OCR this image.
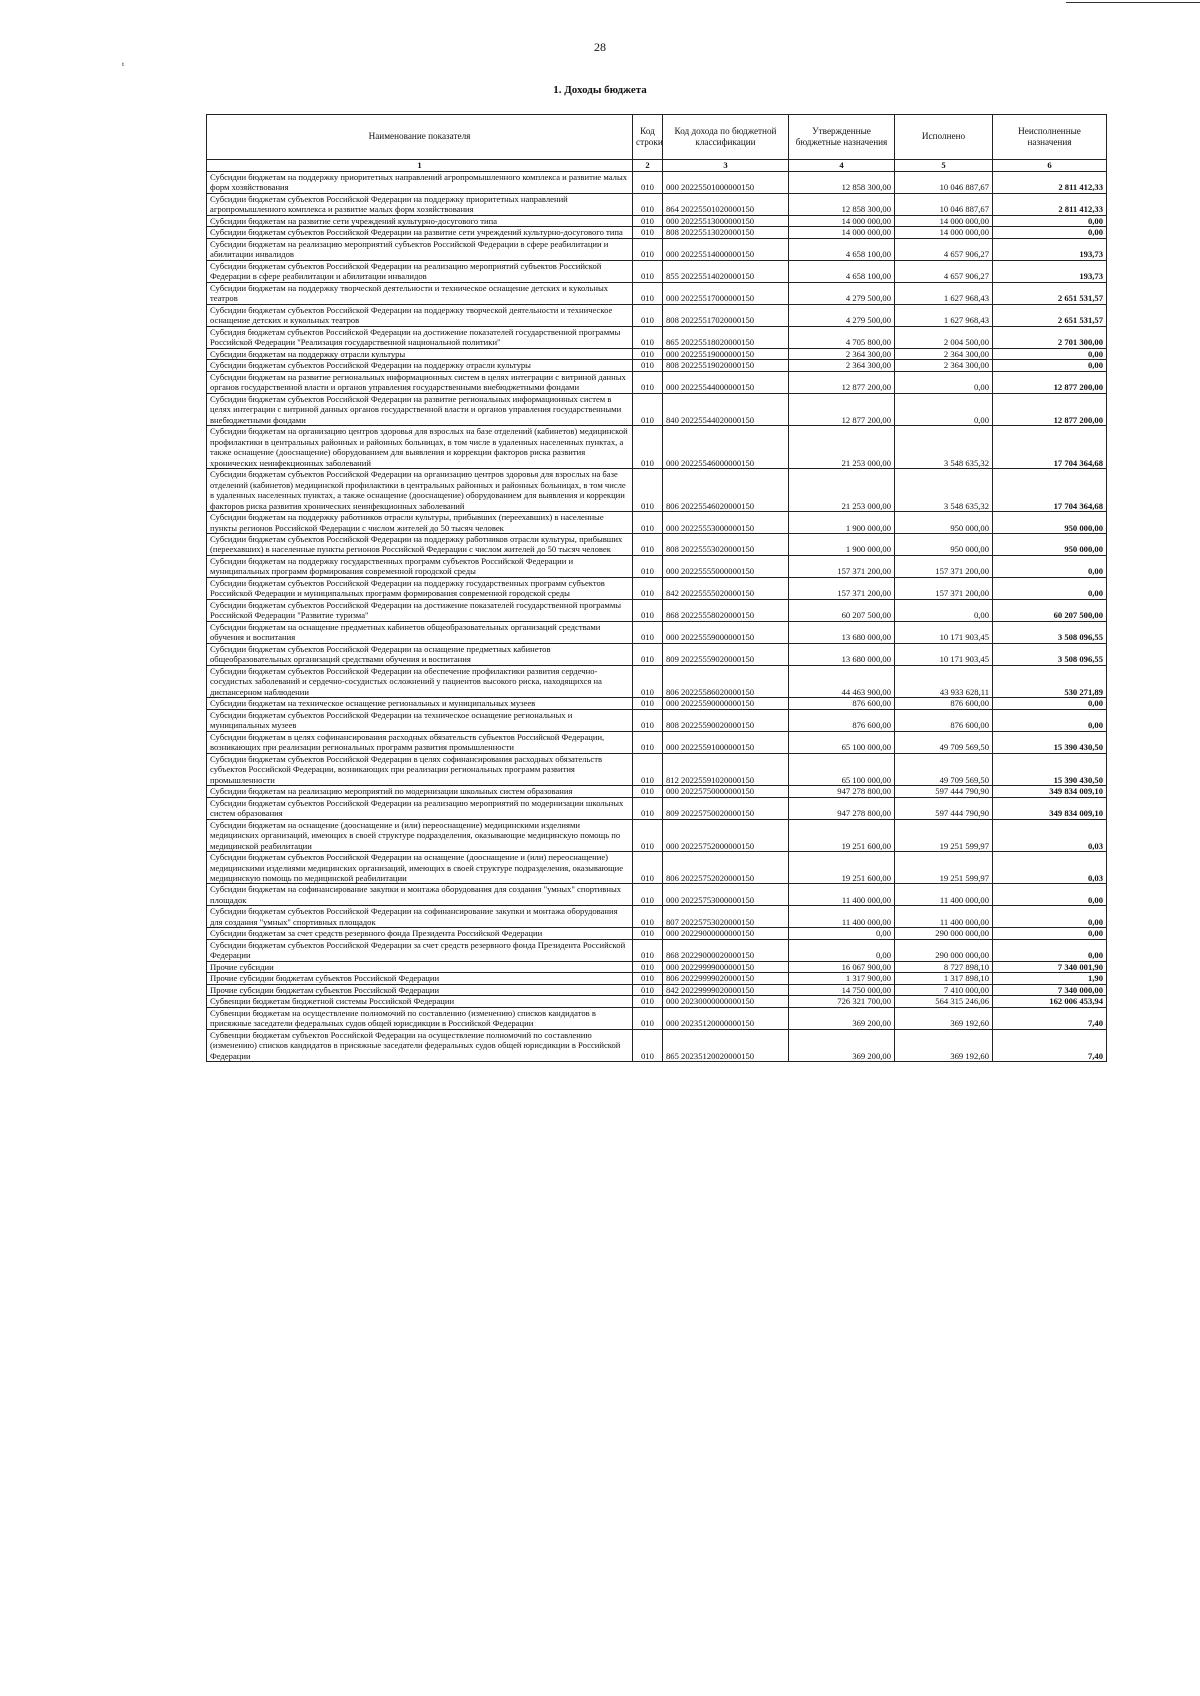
ᵗ
28
1. Доходы бюджета
Наименование показателя	Код строки	Код дохода по бюджетной классификации	Утвержденные бюджетные назначения	Исполнено	Неисполненные назначения
1	2	3	4	5	6
Субсидии бюджетам на поддержку приоритетных направлений агропромышленного комплекса и развитие малых форм хозяйствования	010	000 20225501000000150	12 858 300,00	10 046 887,67	2 811 412,33
Субсидии бюджетам субъектов Российской Федерации на поддержку приоритетных направлений агропромышленного комплекса и развитие малых форм хозяйствования	010	864 20225501020000150	12 858 300,00	10 046 887,67	2 811 412,33
Субсидии бюджетам на развитие сети учреждений культурно-досугового типа	010	000 20225513000000150	14 000 000,00	14 000 000,00	0,00
Субсидии бюджетам субъектов Российской Федерации на развитие сети учреждений культурно-досугового типа	010	808 20225513020000150	14 000 000,00	14 000 000,00	0,00
Субсидии бюджетам на реализацию мероприятий субъектов Российской Федерации в сфере реабилитации и абилитации инвалидов	010	000 20225514000000150	4 658 100,00	4 657 906,27	193,73
Субсидии бюджетам субъектов Российской Федерации на реализацию мероприятий субъектов Российской Федерации в сфере реабилитации и абилитации инвалидов	010	855 20225514020000150	4 658 100,00	4 657 906,27	193,73
Субсидии бюджетам на поддержку творческой деятельности и техническое оснащение детских и кукольных театров	010	000 20225517000000150	4 279 500,00	1 627 968,43	2 651 531,57
Субсидии бюджетам субъектов Российской Федерации на поддержку творческой деятельности и техническое оснащение детских и кукольных театров	010	808 20225517020000150	4 279 500,00	1 627 968,43	2 651 531,57
Субсидия бюджетам субъектов Российской Федерации на достижение показателей государственной программы Российской Федерации "Реализация государственной национальной политики"	010	865 20225518020000150	4 705 800,00	2 004 500,00	2 701 300,00
Субсидии бюджетам на поддержку отрасли культуры	010	000 20225519000000150	2 364 300,00	2 364 300,00	0,00
Субсидии бюджетам субъектов Российской Федерации на поддержку отрасли культуры	010	808 20225519020000150	2 364 300,00	2 364 300,00	0,00
Субсидии бюджетам на развитие региональных информационных систем в целях интеграции с витриной данных органов государственной власти и органов управления государственными внебюджетными фондами	010	000 20225544000000150	12 877 200,00	0,00	12 877 200,00
Субсидии бюджетам субъектов Российской Федерации на развитие региональных информационных систем в целях интеграции с витриной данных органов государственной власти и органов управления государственными внебюджетными фондами	010	840 20225544020000150	12 877 200,00	0,00	12 877 200,00
Субсидии бюджетам на организацию центров здоровья для взрослых на базе отделений (кабинетов) медицинской профилактики в центральных районных и районных больницах, в том числе в удаленных населенных пунктах, а также оснащение (дооснащение) оборудованием для выявления и коррекции факторов риска развития хронических неинфекционных заболеваний	010	000 20225546000000150	21 253 000,00	3 548 635,32	17 704 364,68
Субсидии бюджетам субъектов Российской Федерации на организацию центров здоровья для взрослых на базе отделений (кабинетов) медицинской профилактики в центральных районных и районных больницах, в том числе в удаленных населенных пунктах, а также оснащение (дооснащение) оборудованием для выявления и коррекции факторов риска развития хронических неинфекционных заболеваний	010	806 20225546020000150	21 253 000,00	3 548 635,32	17 704 364,68
Субсидии бюджетам на поддержку работников отрасли культуры, прибывших (переехавших) в населенные пункты регионов Российской Федерации с числом жителей до 50 тысяч человек	010	000 20225553000000150	1 900 000,00	950 000,00	950 000,00
Субсидии бюджетам субъектов Российской Федерации на поддержку работников отрасли культуры, прибывших (переехавших) в населенные пункты регионов Российской Федерации с числом жителей до 50 тысяч человек	010	808 20225553020000150	1 900 000,00	950 000,00	950 000,00
Субсидии бюджетам на поддержку государственных программ субъектов Российской Федерации и муниципальных программ формирования современной городской среды	010	000 20225555000000150	157 371 200,00	157 371 200,00	0,00
Субсидии бюджетам субъектов Российской Федерации на поддержку государственных программ субъектов Российской Федерации и муниципальных программ формирования современной городской среды	010	842 20225555020000150	157 371 200,00	157 371 200,00	0,00
Субсидии бюджетам субъектов Российской Федерации на достижение показателей государственной программы Российской Федерации "Развитие туризма"	010	868 20225558020000150	60 207 500,00	0,00	60 207 500,00
Субсидии бюджетам на оснащение предметных кабинетов общеобразовательных организаций средствами обучения и воспитания	010	000 20225559000000150	13 680 000,00	10 171 903,45	3 508 096,55
Субсидии бюджетам субъектов Российской Федерации на оснащение предметных кабинетов общеобразовательных организаций средствами обучения и воспитания	010	809 20225559020000150	13 680 000,00	10 171 903,45	3 508 096,55
Субсидии бюджетам субъектов Российской Федерации на обеспечение профилактики развития сердечно-сосудистых заболеваний и сердечно-сосудистых осложнений у пациентов высокого риска, находящихся на диспансерном наблюдении	010	806 20225586020000150	44 463 900,00	43 933 628,11	530 271,89
Субсидии бюджетам на техническое оснащение региональных и муниципальных музеев	010	000 20225590000000150	876 600,00	876 600,00	0,00
Субсидии бюджетам субъектов Российской Федерации на техническое оснащение региональных и муниципальных музеев	010	808 20225590020000150	876 600,00	876 600,00	0,00
Субсидии бюджетам в целях софинансирования расходных обязательств субъектов Российской Федерации, возникающих при реализации региональных программ развития промышленности	010	000 20225591000000150	65 100 000,00	49 709 569,50	15 390 430,50
Субсидии бюджетам субъектов Российской Федерации в целях софинансирования расходных обязательств субъектов Российской Федерации, возникающих при реализации региональных программ развития промышленности	010	812 20225591020000150	65 100 000,00	49 709 569,50	15 390 430,50
Субсидии бюджетам на реализацию мероприятий по модернизации школьных систем образования	010	000 20225750000000150	947 278 800,00	597 444 790,90	349 834 009,10
Субсидии бюджетам субъектов Российской Федерации на реализацию мероприятий по модернизации школьных систем образования	010	809 20225750020000150	947 278 800,00	597 444 790,90	349 834 009,10
Субсидии бюджетам на оснащение (дооснащение и (или) переоснащение) медицинскими изделиями медицинских организаций, имеющих в своей структуре подразделения, оказывающие медицинскую помощь по медицинской реабилитации	010	000 20225752000000150	19 251 600,00	19 251 599,97	0,03
Субсидии бюджетам субъектов Российской Федерации на оснащение (дооснащение и (или) переоснащение) медицинскими изделиями медицинских организаций, имеющих в своей структуре подразделения, оказывающие медицинскую помощь по медицинской реабилитации	010	806 20225752020000150	19 251 600,00	19 251 599,97	0,03
Субсидии бюджетам на софинансирование закупки и монтажа оборудования для создания "умных" спортивных площадок	010	000 20225753000000150	11 400 000,00	11 400 000,00	0,00
Субсидии бюджетам субъектов Российской Федерации на софинансирование закупки и монтажа оборудования для создания "умных" спортивных площадок	010	807 20225753020000150	11 400 000,00	11 400 000,00	0,00
Субсидии бюджетам за счет средств резервного фонда Президента Российской Федерации	010	000 20229000000000150	0,00	290 000 000,00	0,00
Субсидии бюджетам субъектов Российской Федерации за счет средств резервного фонда Президента Российской Федерации	010	868 20229000020000150	0,00	290 000 000,00	0,00
Прочие субсидии	010	000 20229999000000150	16 067 900,00	8 727 898,10	7 340 001,90
Прочие субсидии бюджетам субъектов Российской Федерации	010	806 20229999020000150	1 317 900,00	1 317 898,10	1,90
Прочие субсидии бюджетам субъектов Российской Федерации	010	842 20229999020000150	14 750 000,00	7 410 000,00	7 340 000,00
Субвенции бюджетам бюджетной системы Российской Федерации	010	000 20230000000000150	726 321 700,00	564 315 246,06	162 006 453,94
Субвенции бюджетам на осуществление полномочий по составлению (изменению) списков кандидатов в присяжные заседатели федеральных судов общей юрисдикции в Российской Федерации	010	000 20235120000000150	369 200,00	369 192,60	7,40
Субвенции бюджетам субъектов Российской Федерации на осуществление полномочий по составлению (изменению) списков кандидатов в присяжные заседатели федеральных судов общей юрисдикции в Российской Федерации	010	865 20235120020000150	369 200,00	369 192,60	7,40
